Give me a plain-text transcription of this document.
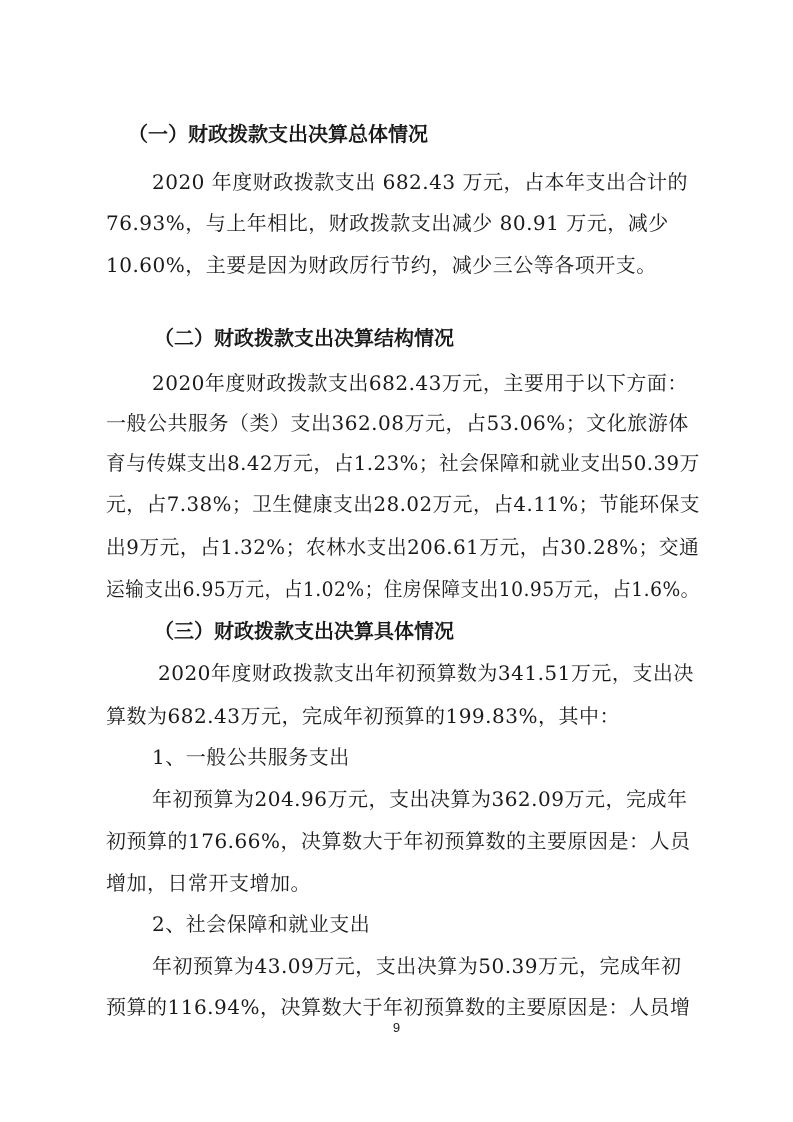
（一）财政拨款支出决算总体情况
2020 年度财政拨款支出 682.43 万元，占本年支出合计的
76.93%，与上年相比，财政拨款支出减少 80.91 万元，减少
10.60%，主要是因为财政厉行节约，减少三公等各项开支。
（二）财政拨款支出决算结构情况
2020年度财政拨款支出682.43万元，主要用于以下方面：
一般公共服务（类）支出362.08万元，占53.06%；文化旅游体
育与传媒支出8.42万元，占1.23%；社会保障和就业支出50.39万
元，占7.38%；卫生健康支出28.02万元，占4.11%；节能环保支
出9万元，占1.32%；农林水支出206.61万元，占30.28%；交通
运输支出6.95万元，占1.02%；住房保障支出10.95万元，占1.6%。
（三）财政拨款支出决算具体情况
2020年度财政拨款支出年初预算数为341.51万元，支出决
算数为682.43万元，完成年初预算的199.83%，其中：
1、一般公共服务支出
年初预算为204.96万元，支出决算为362.09万元，完成年
初预算的176.66%，决算数大于年初预算数的主要原因是：人员
增加，日常开支增加。
2、社会保障和就业支出
年初预算为43.09万元，支出决算为50.39万元，完成年初
预算的116.94%，决算数大于年初预算数的主要原因是：人员增
9
